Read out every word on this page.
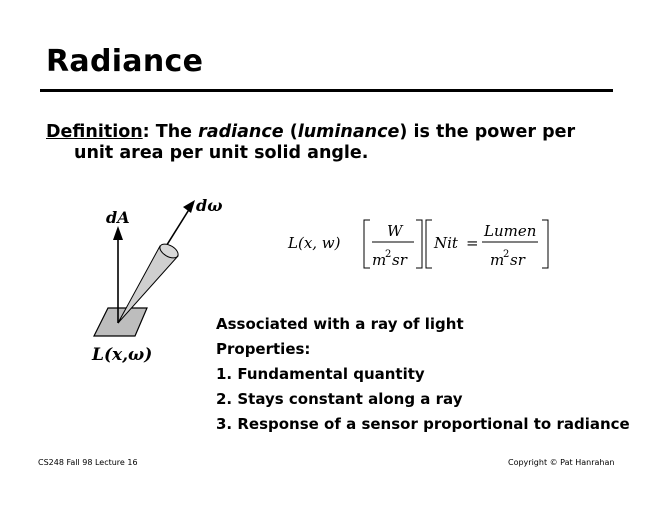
Radiance
Definition: The radiance (luminance) is the power per
unit area per unit solid angle.
dA
dω
L(x,ω)
L(x, w)
W
m
2 sr
Nit =
Lumen
m
2 sr
Associated with a ray of light
Properties:
1. Fundamental quantity
2. Stays constant along a ray
3. Response of a sensor proportional to radiance
CS248 Fall 98 Lecture 16	Copyright © Pat Hanrahan
